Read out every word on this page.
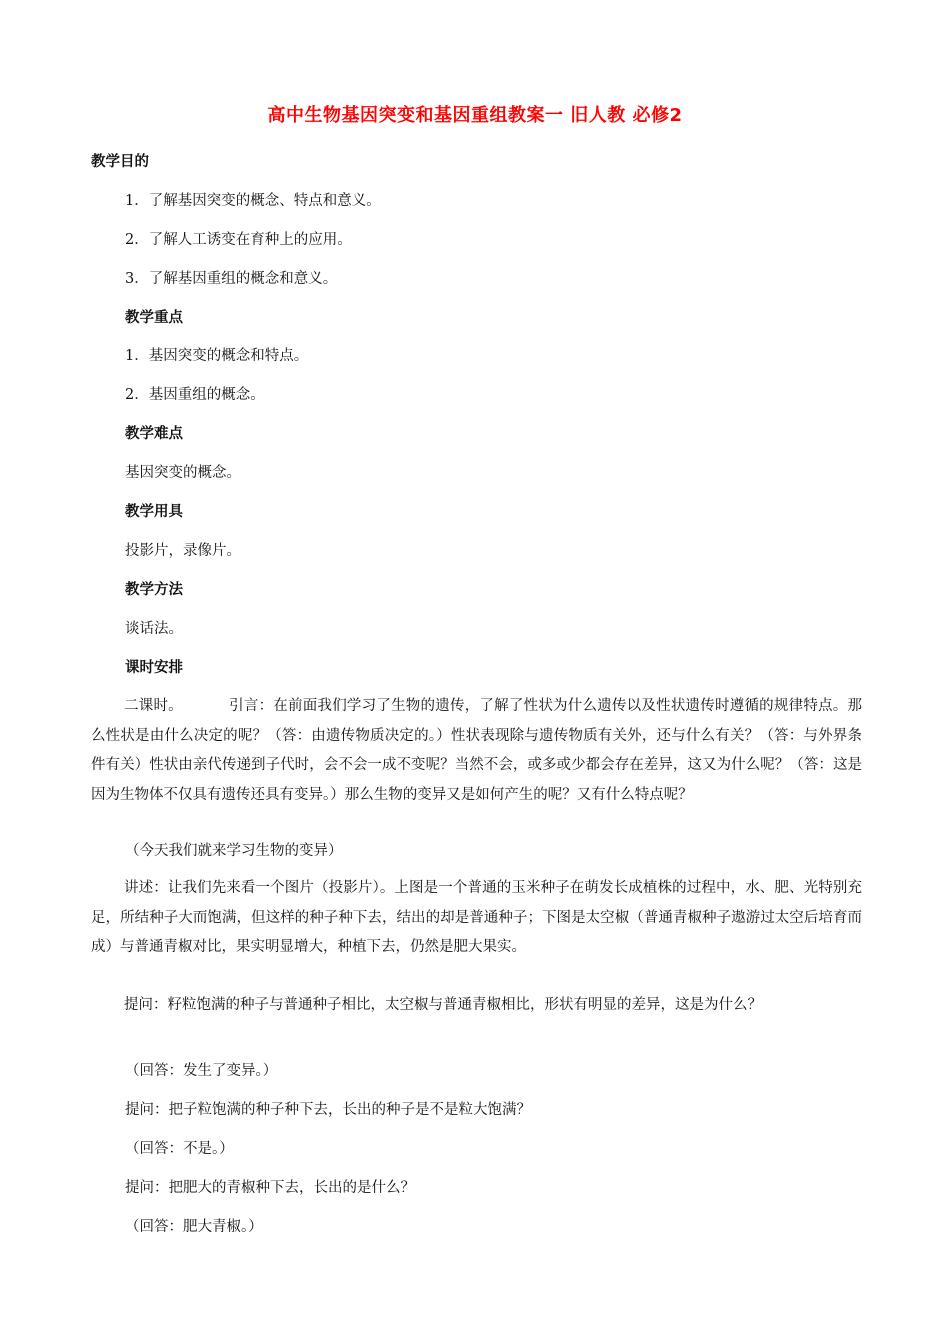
高中生物基因突变和基因重组教案一 旧人教 必修2
教学目的
1．了解基因突变的概念、特点和意义。
2．了解人工诱变在育种上的应用。
3．了解基因重组的概念和意义。
教学重点
1．基因突变的概念和特点。
2．基因重组的概念。
教学难点
基因突变的概念。
教学用具
投影片，录像片。
教学方法
谈话法。
课时安排
二课时。	引言：在前面我们学习了生物的遗传，了解了性状为什么遗传以及性状遗传时遵循的规律特点。那么性状是由什么决定的呢？（答：由遗传物质决定的。）性状表现除与遗传物质有关外，还与什么有关？（答：与外界条件有关）性状由亲代传递到子代时，会不会一成不变呢？当然不会，或多或少都会存在差异，这又为什么呢？（答：这是因为生物体不仅具有遗传还具有变异。）那么生物的变异又是如何产生的呢？又有什么特点呢？
（今天我们就来学习生物的变异）
讲述：让我们先来看一个图片（投影片）。上图是一个普通的玉米种子在萌发长成植株的过程中，水、肥、光特别充足，所结种子大而饱满，但这样的种子种下去，结出的却是普通种子；下图是太空椒（普通青椒种子遨游过太空后培育而成）与普通青椒对比，果实明显增大，种植下去，仍然是肥大果实。
提问：籽粒饱满的种子与普通种子相比，太空椒与普通青椒相比，形状有明显的差异，这是为什么？
（回答：发生了变异。）
提问：把子粒饱满的种子种下去，长出的种子是不是粒大饱满？
（回答：不是。）
提问：把肥大的青椒种下去，长出的是什么？
（回答：肥大青椒。）
